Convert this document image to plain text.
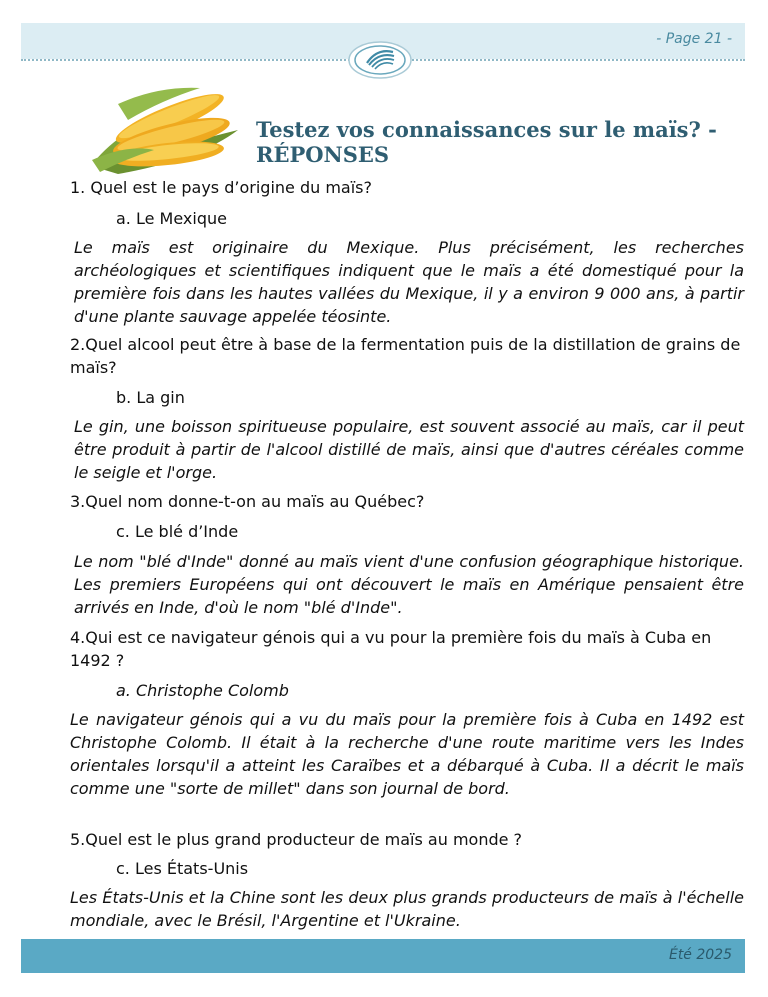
- Page 21 -
Testez vos connaissances sur le maïs? - RÉPONSES
1. Quel est le pays d’origine du maïs?
a. Le Mexique
Le maïs est originaire du Mexique. Plus précisément, les recherches archéologiques et scientifiques indiquent que le maïs a été domestiqué pour la première fois dans les hautes vallées du Mexique, il y a environ 9 000 ans, à partir d'une plante sauvage appelée téosinte.
2.Quel alcool peut être à base de la fermentation puis de la distillation de grains de maïs?
b. La gin
Le gin, une boisson spiritueuse populaire, est souvent associé au maïs, car il peut être produit à partir de l'alcool distillé de maïs, ainsi que d'autres céréales comme le seigle et l'orge.
3.Quel nom donne-t-on au maïs au Québec?
c. Le blé d’Inde
Le nom "blé d'Inde" donné au maïs vient d'une confusion géographique historique. Les premiers Européens qui ont découvert le maïs en Amérique pensaient être arrivés en Inde, d'où le nom "blé d'Inde".
4.Qui est ce navigateur génois qui a vu pour la première fois du maïs à Cuba en 1492 ?
a. Christophe Colomb
Le navigateur génois qui a vu du maïs pour la première fois à Cuba en 1492 est Christophe Colomb. Il était à la recherche d'une route maritime vers les Indes orientales lorsqu'il a atteint les Caraïbes et a débarqué à Cuba. Il a décrit le maïs comme une "sorte de millet" dans son journal de bord.
5.Quel est le plus grand producteur de maïs au monde ?
c. Les États-Unis
Les États-Unis et la Chine sont les deux plus grands producteurs de maïs à l'échelle mondiale, avec le Brésil, l'Argentine et l'Ukraine.
Été 2025
